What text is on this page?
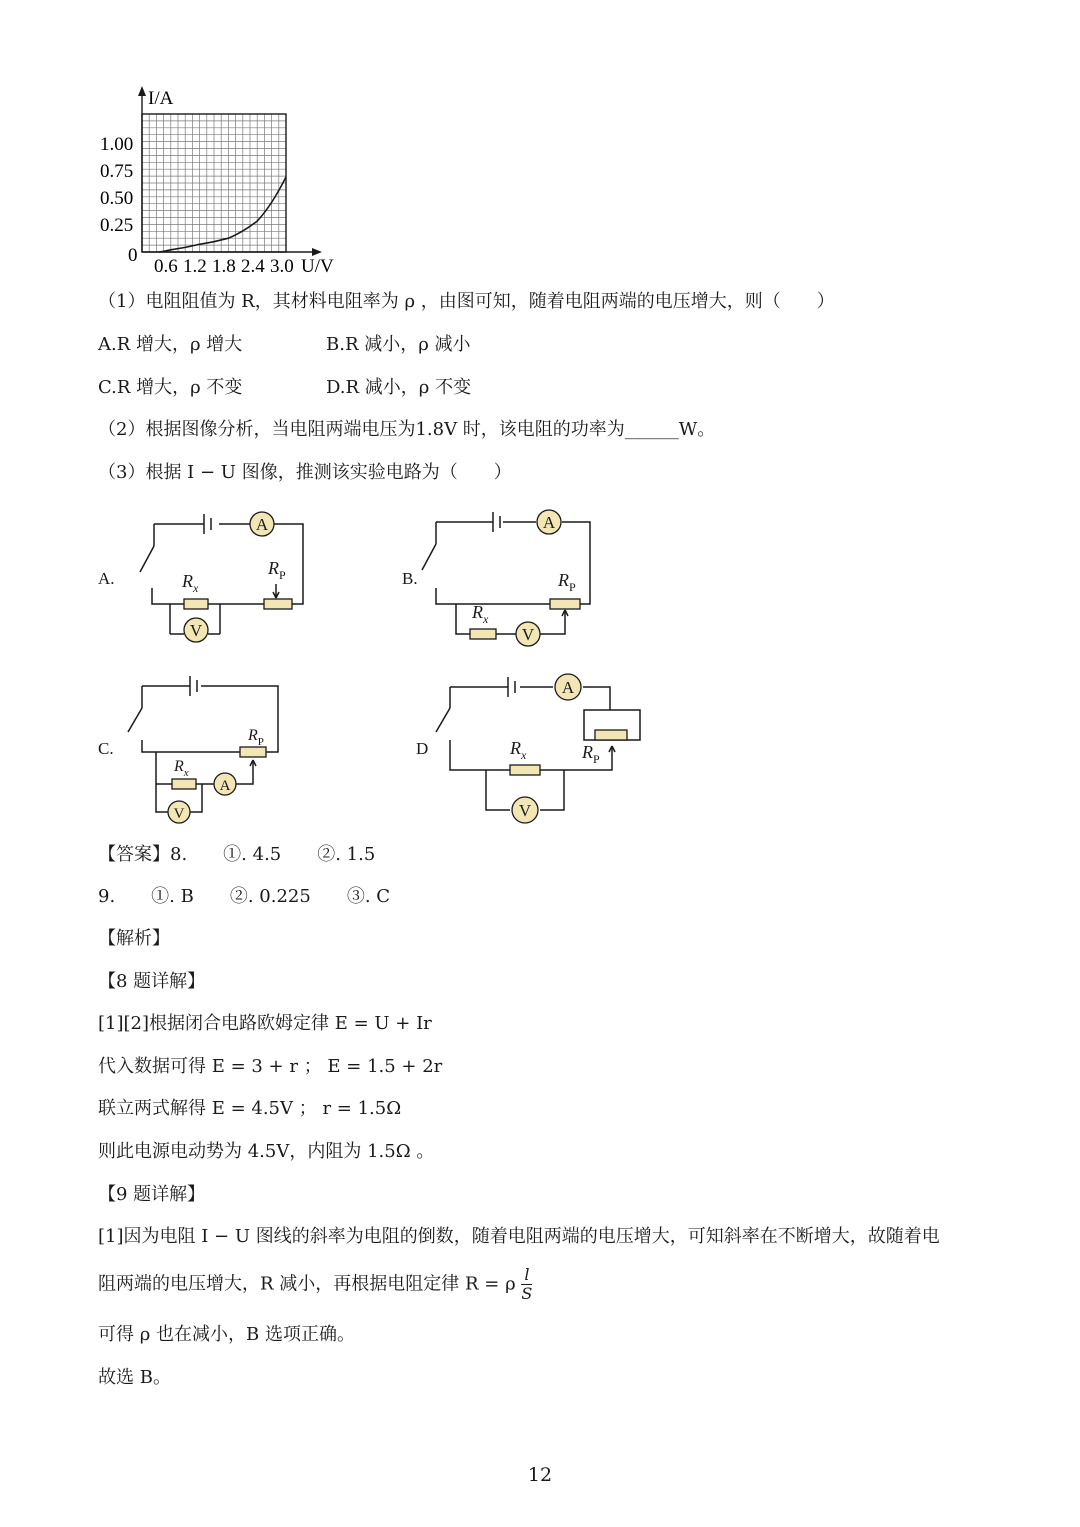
I/A
1.00
0.75
0.50
0.25
0
0.6 1.2 1.8 2.4 3.0 U/V
（1）电阻阻值为 R，其材料电阻率为 ρ ，由图可知，随着电阻两端的电压增大，则（　　）
A.R 增大，ρ 增大	B.R 减小，ρ 减小
C.R 增大，ρ 不变	D.R 减小，ρ 不变
（2）根据图像分析，当电阻两端电压为1.8V 时，该电阻的功率为______W。
（3）根据 I − U 图像，推测该实验电路为（　　）
A
V
A
V
A
V
A
V
A.	B.
C.	D
$R_x$
$R_P$	$R_P$
$R_x$
$R_P$
$R_x$
$R_x$	$R_P$
【答案】8.　　①. 4.5　　②. 1.5
9.　　①. B　　②. 0.225　　③. C
【解析】
【8 题详解】
[1][2]根据闭合电路欧姆定律 E = U + Ir
代入数据可得 E = 3 + r ； E = 1.5 + 2r
联立两式解得 E = 4.5V ； r = 1.5Ω
则此电源电动势为 4.5V，内阻为 1.5Ω 。
【9 题详解】
[1]因为电阻 I − U 图线的斜率为电阻的倒数，随着电阻两端的电压增大，可知斜率在不断增大，故随着电
阻两端的电压增大，R 减小，再根据电阻定律 R = ρ $\frac{l}{S}$
可得 ρ 也在减小，B 选项正确。
故选 B。
12
